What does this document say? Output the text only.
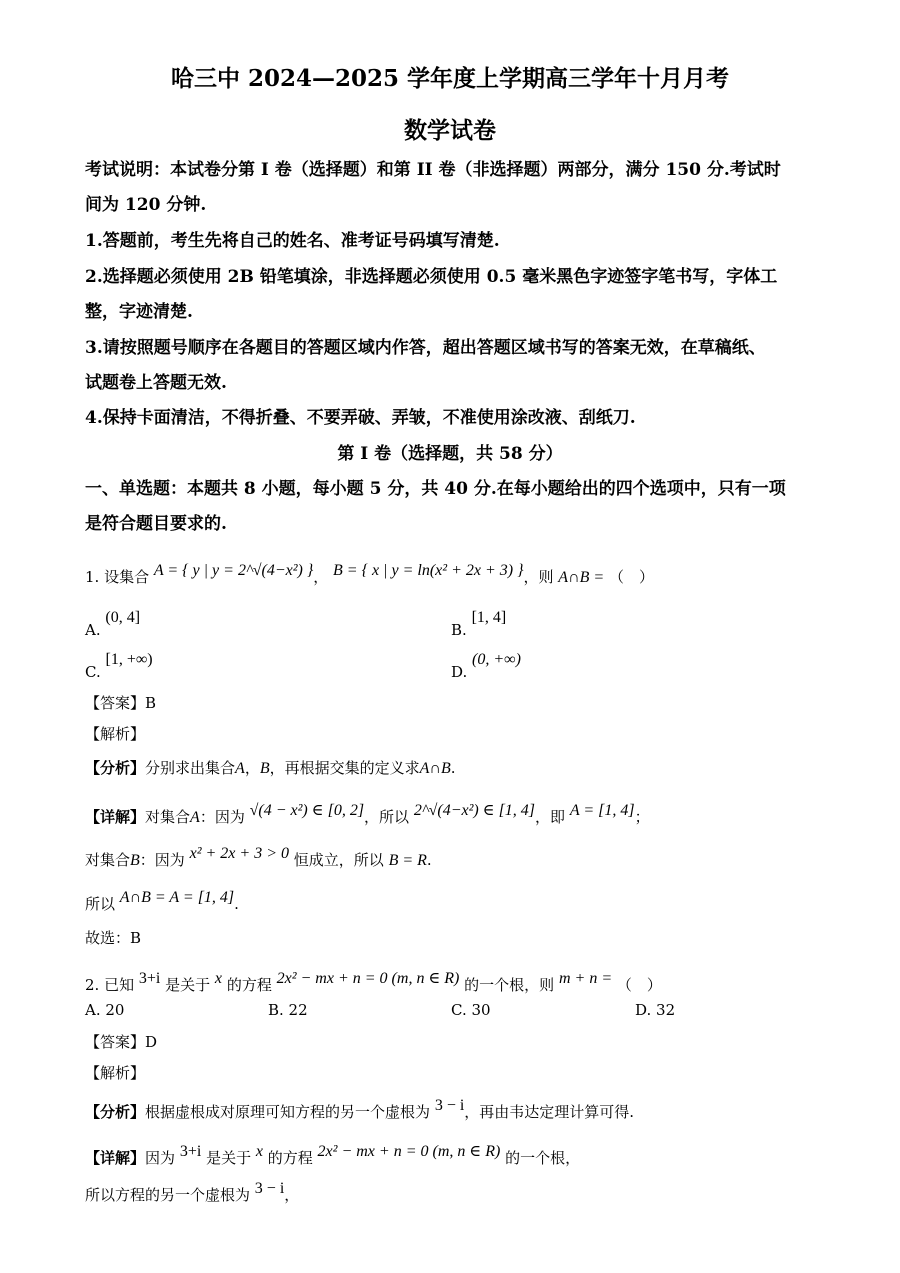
哈三中 2024—2025 学年度上学期高三学年十月月考
数学试卷
考试说明：本试卷分第 I 卷（选择题）和第 II 卷（非选择题）两部分，满分 150 分.考试时
间为 120 分钟.
1.答题前，考生先将自己的姓名、准考证号码填写清楚.
2.选择题必须使用 2B 铅笔填涂，非选择题必须使用 0.5 毫米黑色字迹签字笔书写，字体工
整，字迹清楚.
3.请按照题号顺序在各题目的答题区域内作答，超出答题区域书写的答案无效，在草稿纸、
试题卷上答题无效.
4.保持卡面清洁，不得折叠、不要弄破、弄皱，不准使用涂改液、刮纸刀.
第 I 卷（选择题，共 58 分）
一、单选题：本题共 8 小题，每小题 5 分，共 40 分.在每小题给出的四个选项中，只有一项
是符合题目要求的.
1. 设集合 A = { y | y = 2^√(4−x²) }， B = { x | y = ln(x² + 2x + 3) }，则 A∩B = （　）
A. (0, 4]
B. [1, 4]
C. [1, +∞)
D. (0, +∞)
【答案】B
【解析】
【分析】分别求出集合A，B，再根据交集的定义求A∩B.
【详解】对集合A：因为 √(4 − x²) ∈ [0, 2]，所以 2^√(4−x²) ∈ [1, 4]，即 A = [1, 4]；
对集合B：因为 x² + 2x + 3 > 0 恒成立，所以 B = R.
所以 A∩B = A = [1, 4].
故选：B
2. 已知 3+i 是关于 x 的方程 2x² − mx + n = 0 (m, n ∈ R) 的一个根，则 m + n = （　）
A. 20	B. 22	C. 30	D. 32
【答案】D
【解析】
【分析】根据虚根成对原理可知方程的另一个虚根为 3 − i，再由韦达定理计算可得.
【详解】因为 3+i 是关于 x 的方程 2x² − mx + n = 0 (m, n ∈ R) 的一个根，
所以方程的另一个虚根为 3 − i，
